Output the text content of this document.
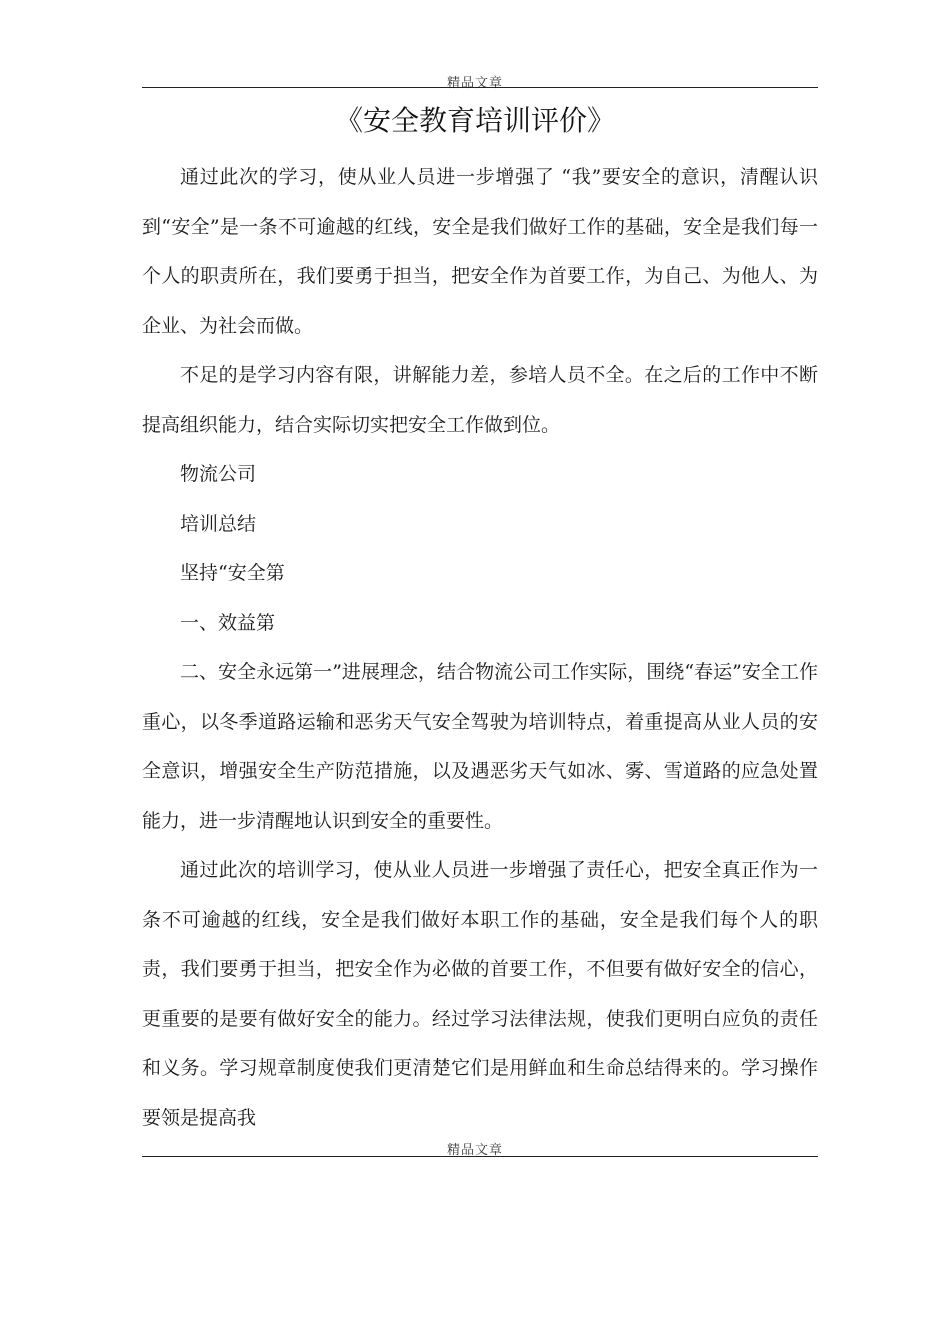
精品文章
《安全教育培训评价》

通过此次的学习，使从业人员进一步增强了 “我”要安全的意识，清醒认识到“安全”是一条不可逾越的红线，安全是我们做好工作的基础，安全是我们每一个人的职责所在，我们要勇于担当，把安全作为首要工作，为自己、为他人、为企业、为社会而做。

不足的是学习内容有限，讲解能力差，参培人员不全。在之后的工作中不断提高组织能力，结合实际切实把安全工作做到位。

物流公司

培训总结

坚持“安全第

一、效益第

二、安全永远第一”进展理念，结合物流公司工作实际，围绕“春运”安全工作重心，以冬季道路运输和恶劣天气安全驾驶为培训特点，着重提高从业人员的安全意识，增强安全生产防范措施，以及遇恶劣天气如冰、雾、雪道路的应急处置能力，进一步清醒地认识到安全的重要性。

通过此次的培训学习，使从业人员进一步增强了责任心，把安全真正作为一条不可逾越的红线，安全是我们做好本职工作的基础，安全是我们每个人的职责，我们要勇于担当，把安全作为必做的首要工作，不但要有做好安全的信心，更重要的是要有做好安全的能力。经过学习法律法规，使我们更明白应负的责任和义务。学习规章制度使我们更清楚它们是用鲜血和生命总结得来的。学习操作要领是提高我

精品文章
